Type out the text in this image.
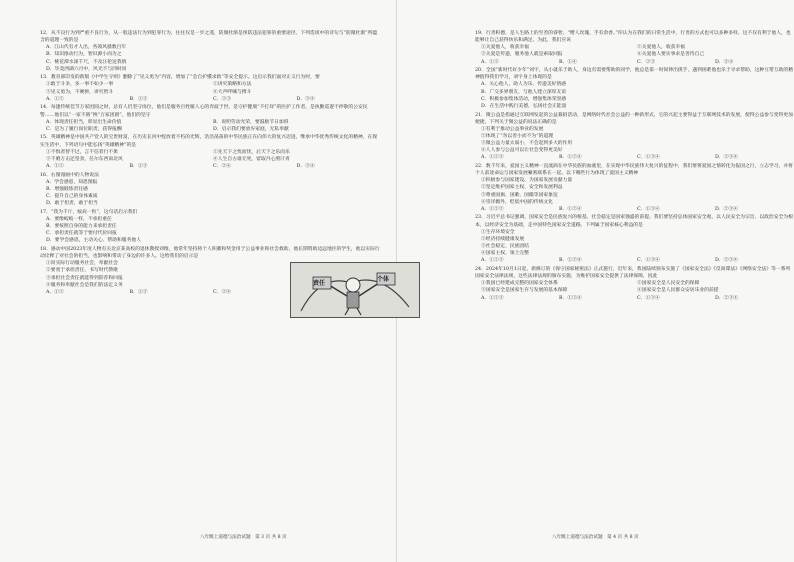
12．从不良行为到严重不良行为，从一般违法行为到犯罪行为，往往仅是一步之遥，防微杜渐是预防违法犯罪的重要途径。下列选项中的诗句与“防微杜渐”所蕴含的道理一致的是
A．江山代有才人出，各领风骚数百年
B．知识推动行为，智识源小而为之
C．桃花潭水深千尺，不及汪伦送我情
D．毕竟西湖六月中，风光不与四时同
13．教育部印发的新版《中学生守则》删除了“见义勇为”内容，增加了“会自护懂求救”等安全提示。这启示我们面对正义行为时，要
①敢于斗争，多一事不如少一事	②讲究策略和方法
③见义勇为，不硬拼，讲究智斗	④大声呼喊与搏斗
A．①②	B．①③	C．②③	D．③④
14．每逢传统佳节万家团圆之时，总有人仍坚守岗位，他们是服务百姓履人心的奔波于世，是守护健康“不打烊”的医护工作者，是执勤巡逻不停歇的公安民警……他们以“一家不圆”换“万家团圆”，他们的坚守
A．体现责任担当，彰显出生命价值	B．说明劳动光荣，要鼓励节日加班
C．是为了履行岗位职责，获得报酬	D．启示我们要放弃家庭，无私奉献
15．英雄精神是中国共产党人的宝贵财富，在历史长河中绽放着不朽的光辉，浩浩荡荡的中华民族正在向伟大的复兴迈进，继承中华优秀传统文化的精神，在现实生活中，下列语句中能弘扬“英雄精神”的是
①不惧者智不过，言不信者行不果	②先天下之忧而忧，后天下之乐而乐
③千磨万击还坚劲，任尔东西南北风	④人生自古谁无死，留取丹心照汗青
A．①②	B．①③	C．②④	D．③④
16．右图漫画中的人物说法
A．学会感恩，知恩图报
B．增强锻炼责任感
C．提升自己的身体素质
D．敢于担责，敢于担当
17．“我为千斤，蚊肩一粒”，这句话启示我们
A．要像蛟蛟一样，不承担重任
B．要按照自身的能力来承担责任
C．承担责任就等于要付代价回报
D．要学会感恩，主动关心、帮助和服务他人
18．感动中国2023年度人物有关北京某高校的退休教授刘维，他常年坚持将个人积蓄和奖金用于公益事业和社会救助，他长期资助边远地区的学生，他以实际行动诠释了对社会的担当，也影响和带动了身边的许多人。这给我们的启示是
①同实际行动服务社会，奉献社会
②要勇于承担责任，书写时代赞歌
③承担社会责任就能得到辞荐和回报
④服务和奉献社会是我们的法定义务
A．①②	B．①③	C．②④
责任
个体
八年级上道德与法治试题　第 3 页 共 8 页
19．行善积德，是人生路上的至善的睿智，“赠人玫瑰，手有余香。”你认为在我们的日常生活中，行善的方式也可以多种多样，这不仅有利于他人，也能够让自己获得快乐和满足。为此，我们应该
①关爱他人，收获幸福	②关爱他人，收获幸福
③关爱是传递，服务他人就是索取回报	④关爱他人要实事求是善待自己
A．①②	B．①④	C．②③	D．③④
20．全国“新时代好少年”刘宇，从小就乐于助人，身边有需要帮助的同学，他总是第一时间伸出援手，遇到困难他也乐于寻求帮助，这种互帮互助的精神值得我们学习，刘宇身上体现的是
A．关心他人，助人为乐，传递美好情感
B．广交多界朋友，与他人建立深厚友谊
C．积极参加集体活动，增强集体荣誉感
D．在生活中践行美德，弘扬社会正能量
21．微公益是指通过互联网发起的公益募捐活动，是网络时代社会公益的一种新形式，它的兴起主要得益于互联网技术的发展，使得公益参与变得更加便捷，下列关于微公益的说法正确的是
①有利于推动公益事业的发展
②体现了“勿以善小而不为”的道理
③微公益力量太弱小，不会起到多大的作用
④人人参与公益可以让社会变得更美好
A．①②③	B．①②④	C．①③④	D．②③④
22．数千年来，爱国主义精神一直流淌在中华民族的血液里，在实现中华民族伟大复兴的征程中，我们要将爱国之情转化为报国之行，立志学习，并将个人前途命运与国家发展紧密联系在一起。以下哪些行为体现了爱国主义精神
①积极参与国家建设，为国家发展贡献力量
②坚定维护国家主权、安全和发展利益
③尊重国旗、国歌、国徽等国家象征
④崇洋媚外，贬低中国的传统文化
A．①②③	B．①②④	C．①③④	D．②③④
23．习近平总书记强调，国家安全是民族复兴的根基，社会稳定是国家强盛的前提。我们要坚持总体国家安全观，以人民安全为宗旨，以政治安全为根本，以经济安全为基础，走中国特色国家安全道路。下列属于国家核心利益的是
①生存环境安全
②经济持续健康发展
③社会稳定、民族团结
④国家主权、领土完整
A．①②③	B．①②④	C．①③④	D．②③④
24．2024年10月1日起，新修订的《保守国家秘密法》正式施行，近年来，我国陆续颁布实施了《国家安全法》《反间谍法》《网络安全法》等一系列国家安全法律法规，这些法律法规的颁布实施，为维护国家安全提供了法律保障，因此
①我国已经建成完整的国家安全体系	②国家安全是人民安全的保障
③国家安全是国家生存与发展的基本保障	④国家安全是人民群众安居乐业的前提
A．①②③	B．①②④	C．①③④	D．②③④
八年级上道德与法治试题　第 4 页 共 8 页
